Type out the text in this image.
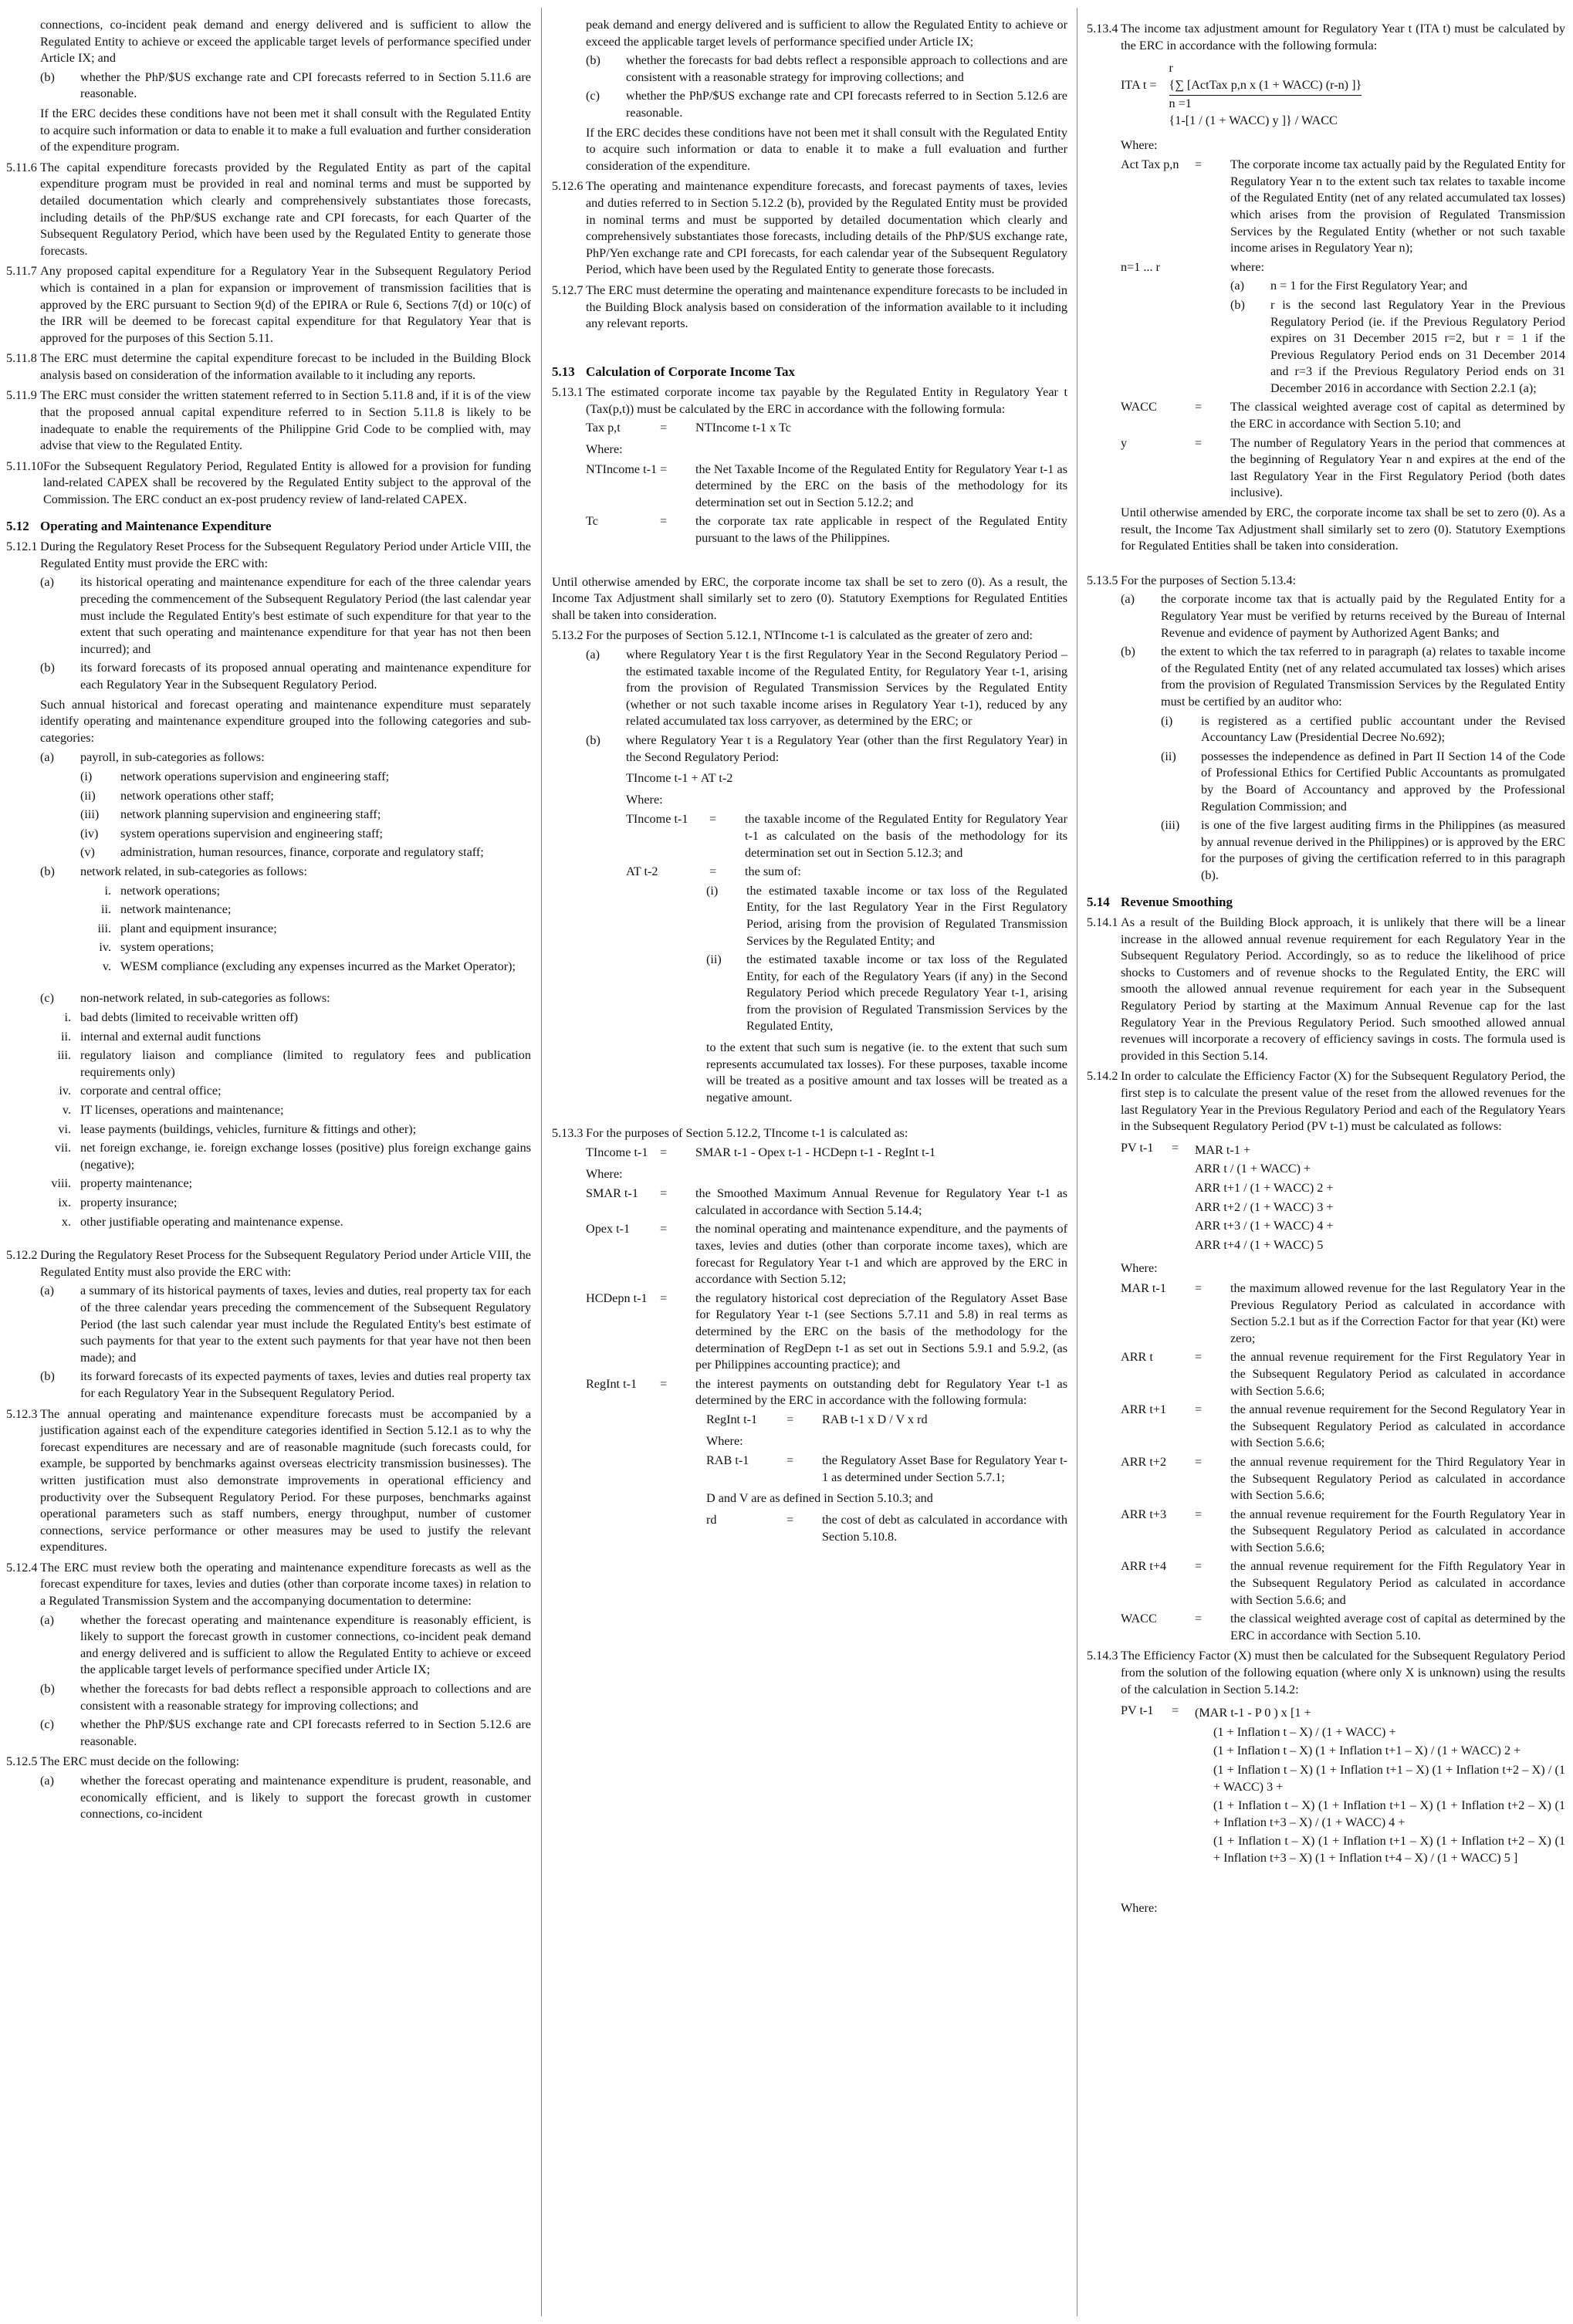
connections, co-incident peak demand and energy delivered and is sufficient to allow the Regulated Entity to achieve or exceed the applicable target levels of performance specified under Article IX; and
(b)	whether the PhP/$US exchange rate and CPI forecasts referred to in Section 5.11.6 are reasonable.
If the ERC decides these conditions have not been met it shall consult with the Regulated Entity to acquire such information or data to enable it to make a full evaluation and further consideration of the expenditure program.
5.11.6 The capital expenditure forecasts provided by the Regulated Entity as part of the capital expenditure program must be provided in real and nominal terms and must be supported by detailed documentation which clearly and comprehensively substantiates those forecasts, including details of the PhP/$US exchange rate and CPI forecasts, for each Quarter of the Subsequent Regulatory Period, which have been used by the Regulated Entity to generate those forecasts.
5.11.7 Any proposed capital expenditure for a Regulatory Year in the Subsequent Regulatory Period which is contained in a plan for expansion or improvement of transmission facilities that is approved by the ERC pursuant to Section 9(d) of the EPIRA or Rule 6, Sections 7(d) or 10(c) of the IRR will be deemed to be forecast capital expenditure for that Regulatory Year that is approved for the purposes of this Section 5.11.
5.11.8 The ERC must determine the capital expenditure forecast to be included in the Building Block analysis based on consideration of the information available to it including any reports.
5.11.9 The ERC must consider the written statement referred to in Section 5.11.8 and, if it is of the view that the proposed annual capital expenditure referred to in Section 5.11.8 is likely to be inadequate to enable the requirements of the Philippine Grid Code to be complied with, may advise that view to the Regulated Entity.
5.11.10 For the Subsequent Regulatory Period, Regulated Entity is allowed for a provision for funding land-related CAPEX shall be recovered by the Regulated Entity subject to the approval of the Commission. The ERC conduct an ex-post prudency review of land-related CAPEX.
5.12 Operating and Maintenance Expenditure
5.12.1 During the Regulatory Reset Process for the Subsequent Regulatory Period under Article VIII, the Regulated Entity must provide the ERC with:
(a)	its historical operating and maintenance expenditure for each of the three calendar years preceding the commencement of the Subsequent Regulatory Period (the last calendar year must include the Regulated Entity's best estimate of such expenditure for that year to the extent that such operating and maintenance expenditure for that year has not then been incurred); and
(b)	its forward forecasts of its proposed annual operating and maintenance expenditure for each Regulatory Year in the Subsequent Regulatory Period.
Such annual historical and forecast operating and maintenance expenditure must separately identify operating and maintenance expenditure grouped into the following categories and sub-categories:
(a)	payroll, in sub-categories as follows:
(i)	network operations supervision and engineering staff;
(ii)	network operations other staff;
(iii)	network planning supervision and engineering staff;
(iv)	system operations supervision and engineering staff;
(v)	administration, human resources, finance, corporate and regulatory staff;
(b)	network related, in sub-categories as follows:
i. network operations;
ii. network maintenance;
iii. plant and equipment insurance;
iv. system operations;
v. WESM compliance (excluding any expenses incurred as the Market Operator);
(c)	non-network related, in sub-categories as follows:
i. bad debts (limited to receivable written off)
ii. internal and external audit functions
iii. regulatory liaison and compliance (limited to regulatory fees and publication requirements only)
iv. corporate and central office;
v. IT licenses, operations and maintenance;
vi. lease payments (buildings, vehicles, furniture & fittings and other);
vii. net foreign exchange, ie. foreign exchange losses (positive) plus foreign exchange gains (negative);
viii. property maintenance;
ix. property insurance;
x. other justifiable operating and maintenance expense.
5.12.2 During the Regulatory Reset Process for the Subsequent Regulatory Period under Article VIII, the Regulated Entity must also provide the ERC with:
(a)	a summary of its historical payments of taxes, levies and duties, real property tax for each of the three calendar years preceding the commencement of the Subsequent Regulatory Period (the last such calendar year must include the Regulated Entity's best estimate of such payments for that year to the extent such payments for that year have not then been made); and
(b)	its forward forecasts of its expected payments of taxes, levies and duties real property tax for each Regulatory Year in the Subsequent Regulatory Period.
5.12.3 The annual operating and maintenance expenditure forecasts must be accompanied by a justification against each of the expenditure categories identified in Section 5.12.1 as to why the forecast expenditures are necessary and are of reasonable magnitude (such forecasts could, for example, be supported by benchmarks against overseas electricity transmission businesses). The written justification must also demonstrate improvements in operational efficiency and productivity over the Subsequent Regulatory Period. For these purposes, benchmarks against operational parameters such as staff numbers, energy throughput, number of customer connections, service performance or other measures may be used to justify the relevant expenditures.
5.12.4 The ERC must review both the operating and maintenance expenditure forecasts as well as the forecast expenditure for taxes, levies and duties (other than corporate income taxes) in relation to a Regulated Transmission System and the accompanying documentation to determine:
(a)	whether the forecast operating and maintenance expenditure is reasonably efficient, is likely to support the forecast growth in customer connections, co-incident peak demand and energy delivered and is sufficient to allow the Regulated Entity to achieve or exceed the applicable target levels of performance specified under Article IX;
(b)	whether the forecasts for bad debts reflect a responsible approach to collections and are consistent with a reasonable strategy for improving collections; and
(c)	whether the PhP/$US exchange rate and CPI forecasts referred to in Section 5.12.6 are reasonable.
5.12.5 The ERC must decide on the following:
(a)	whether the forecast operating and maintenance expenditure is prudent, reasonable, and economically efficient, and is likely to support the forecast growth in customer connections, co-incident
peak demand and energy delivered and is sufficient to allow the Regulated Entity to achieve or exceed the applicable target levels of performance specified under Article IX;
(b)	whether the forecasts for bad debts reflect a responsible approach to collections and are consistent with a reasonable strategy for improving collections; and
(c)	whether the PhP/$US exchange rate and CPI forecasts referred to in Section 5.12.6 are reasonable.
If the ERC decides these conditions have not been met it shall consult with the Regulated Entity to acquire such information or data to enable it to make a full evaluation and further consideration of the expenditure.
5.12.6 The operating and maintenance expenditure forecasts, and forecast payments of taxes, levies and duties referred to in Section 5.12.2 (b), provided by the Regulated Entity must be provided in nominal terms and must be supported by detailed documentation which clearly and comprehensively substantiates those forecasts, including details of the PhP/$US exchange rate, PhP/Yen exchange rate and CPI forecasts, for each calendar year of the Subsequent Regulatory Period, which have been used by the Regulated Entity to generate those forecasts.
5.12.7 The ERC must determine the operating and maintenance expenditure forecasts to be included in the Building Block analysis based on consideration of the information available to it including any relevant reports.
5.13 Calculation of Corporate Income Tax
5.13.1 The estimated corporate income tax payable by the Regulated Entity in Regulatory Year t (Tax(p,t)) must be calculated by the ERC in accordance with the following formula:
Tax p,t	=	NTIncome t-1 x Tc
Where:
NTIncome t-1 =	the Net Taxable Income of the Regulated Entity for Regulatory Year t-1 as determined by the ERC on the basis of the methodology for its determination set out in Section 5.12.2; and
Tc	=	the corporate tax rate applicable in respect of the Regulated Entity pursuant to the laws of the Philippines.
Until otherwise amended by ERC, the corporate income tax shall be set to zero (0). As a result, the Income Tax Adjustment shall similarly set to zero (0). Statutory Exemptions for Regulated Entities shall be taken into consideration.
5.13.2 For the purposes of Section 5.12.1, NTIncome t-1 is calculated as the greater of zero and:
(a)	where Regulatory Year t is the first Regulatory Year in the Second Regulatory Period – the estimated taxable income of the Regulated Entity, for Regulatory Year t-1, arising from the provision of Regulated Transmission Services by the Regulated Entity (whether or not such taxable income arises in Regulatory Year t-1), reduced by any related accumulated tax loss carryover, as determined by the ERC; or
(b)	where Regulatory Year t is a Regulatory Year (other than the first Regulatory Year) in the Second Regulatory Period:
TIncome t-1 + AT t-2
Where:
TIncome t-1	=	the taxable income of the Regulated Entity for Regulatory Year t-1 as calculated on the basis of the methodology for its determination set out in Section 5.12.3; and
AT t-2	=	the sum of:
(i)	the estimated taxable income or tax loss of the Regulated Entity, for the last Regulatory Year in the First Regulatory Period, arising from the provision of Regulated Transmission Services by the Regulated Entity; and
(ii)	the estimated taxable income or tax loss of the Regulated Entity, for each of the Regulatory Years (if any) in the Second Regulatory Period which precede Regulatory Year t-1, arising from the provision of Regulated Transmission Services by the Regulated Entity,
to the extent that such sum is negative (ie. to the extent that such sum represents accumulated tax losses). For these purposes, taxable income will be treated as a positive amount and tax losses will be treated as a negative amount.
5.13.3 For the purposes of Section 5.12.2, TIncome t-1 is calculated as:
TIncome t-1 =	SMAR t-1 - Opex t-1 - HCDepn t-1 - RegInt t-1
Where:
SMAR t-1	=	the Smoothed Maximum Annual Revenue for Regulatory Year t-1 as calculated in accordance with Section 5.14.4;
Opex t-1	=	the nominal operating and maintenance expenditure, and the payments of taxes, levies and duties (other than corporate income taxes), which are forecast for Regulatory Year t-1 and which are approved by the ERC in accordance with Section 5.12;
HCDepn t-1	=	the regulatory historical cost depreciation of the Regulatory Asset Base for Regulatory Year t-1 (see Sections 5.7.11 and 5.8) in real terms as determined by the ERC on the basis of the methodology for the determination of RegDepn t-1 as set out in Sections 5.9.1 and 5.9.2, (as per Philippines accounting practice); and
RegInt t-1	=	the interest payments on outstanding debt for Regulatory Year t-1 as determined by the ERC in accordance with the following formula:
RegInt t-1	=	RAB t-1 x D / V x rd
Where:
RAB t-1	=	the Regulatory Asset Base for Regulatory Year t-1 as determined under Section 5.7.1;
D and V are as defined in Section 5.10.3; and
rd	=	the cost of debt as calculated in accordance with Section 5.10.8.
5.13.4 The income tax adjustment amount for Regulatory Year t (ITA t) must be calculated by the ERC in accordance with the following formula:
ITA t =
r
{∑ [ActTax p,n x (1 + WACC) (r-n) ]}
n =1
{1-[1 / (1 + WACC) y ]} / WACC
Where:
Act Tax p,n	=	The corporate income tax actually paid by the Regulated Entity for Regulatory Year n to the extent such tax relates to taxable income of the Regulated Entity (net of any related accumulated tax losses) which arises from the provision of Regulated Transmission Services by the Regulated Entity (whether or not such taxable income arises in Regulatory Year n);
n=1 ... r	where:
(a)	n = 1 for the First Regulatory Year; and
(b)	r is the second last Regulatory Year in the Previous Regulatory Period (ie. if the Previous Regulatory Period expires on 31 December 2015 r=2, but r = 1 if the Previous Regulatory Period ends on 31 December 2014 and r=3 if the Previous Regulatory Period ends on 31 December 2016 in accordance with Section 2.2.1 (a);
WACC	=	The classical weighted average cost of capital as determined by the ERC in accordance with Section 5.10; and
y	=	The number of Regulatory Years in the period that commences at the beginning of Regulatory Year n and expires at the end of the last Regulatory Year in the First Regulatory Period (both dates inclusive).
Until otherwise amended by ERC, the corporate income tax shall be set to zero (0). As a result, the Income Tax Adjustment shall similarly set to zero (0). Statutory Exemptions for Regulated Entities shall be taken into consideration.
5.13.5 For the purposes of Section 5.13.4:
(a)	the corporate income tax that is actually paid by the Regulated Entity for a Regulatory Year must be verified by returns received by the Bureau of Internal Revenue and evidence of payment by Authorized Agent Banks; and
(b)	the extent to which the tax referred to in paragraph (a) relates to taxable income of the Regulated Entity (net of any related accumulated tax losses) which arises from the provision of Regulated Transmission Services by the Regulated Entity must be certified by an auditor who:
(i)	is registered as a certified public accountant under the Revised Accountancy Law (Presidential Decree No.692);
(ii)	possesses the independence as defined in Part II Section 14 of the Code of Professional Ethics for Certified Public Accountants as promulgated by the Board of Accountancy and approved by the Professional Regulation Commission; and
(iii)	is one of the five largest auditing firms in the Philippines (as measured by annual revenue derived in the Philippines) or is approved by the ERC for the purposes of giving the certification referred to in this paragraph (b).
5.14 Revenue Smoothing
5.14.1 As a result of the Building Block approach, it is unlikely that there will be a linear increase in the allowed annual revenue requirement for each Regulatory Year in the Subsequent Regulatory Period. Accordingly, so as to reduce the likelihood of price shocks to Customers and of revenue shocks to the Regulated Entity, the ERC will smooth the allowed annual revenue requirement for each year in the Subsequent Regulatory Period by starting at the Maximum Annual Revenue cap for the last Regulatory Year in the Previous Regulatory Period. Such smoothed allowed annual revenues will incorporate a recovery of efficiency savings in costs. The formula used is provided in this Section 5.14.
5.14.2 In order to calculate the Efficiency Factor (X) for the Subsequent Regulatory Period, the first step is to calculate the present value of the reset from the allowed revenues for the last Regulatory Year in the Previous Regulatory Period and each of the Regulatory Years in the Subsequent Regulatory Period (PV t-1) must be calculated as follows:
PV t-1	=	MAR t-1 +
ARR t / (1 + WACC) +
ARR t+1 / (1 + WACC) 2 +
ARR t+2 / (1 + WACC) 3 +
ARR t+3 / (1 + WACC) 4 +
ARR t+4 / (1 + WACC) 5
Where:
MAR t-1	=	the maximum allowed revenue for the last Regulatory Year in the Previous Regulatory Period as calculated in accordance with Section 5.2.1 but as if the Correction Factor for that year (Kt) were zero;
ARR t	=	the annual revenue requirement for the First Regulatory Year in the Subsequent Regulatory Period as calculated in accordance with Section 5.6.6;
ARR t+1	=	the annual revenue requirement for the Second Regulatory Year in the Subsequent Regulatory Period as calculated in accordance with Section 5.6.6;
ARR t+2	=	the annual revenue requirement for the Third Regulatory Year in the Subsequent Regulatory Period as calculated in accordance with Section 5.6.6;
ARR t+3	=	the annual revenue requirement for the Fourth Regulatory Year in the Subsequent Regulatory Period as calculated in accordance with Section 5.6.6;
ARR t+4	=	the annual revenue requirement for the Fifth Regulatory Year in the Subsequent Regulatory Period as calculated in accordance with Section 5.6.6; and
WACC	=	the classical weighted average cost of capital as determined by the ERC in accordance with Section 5.10.
5.14.3 The Efficiency Factor (X) must then be calculated for the Subsequent Regulatory Period from the solution of the following equation (where only X is unknown) using the results of the calculation in Section 5.14.2:
PV t-1	=	(MAR t-1 - P 0 ) x [1 +
(1 + Inflation t – X) / (1 + WACC) +
(1 + Inflation t – X) (1 + Inflation t+1 – X) / (1 + WACC) 2 +
(1 + Inflation t – X) (1 + Inflation t+1 – X) (1 + Inflation t+2 – X) / (1 + WACC) 3 +
(1 + Inflation t – X) (1 + Inflation t+1 – X) (1 + Inflation t+2 – X) (1 + Inflation t+3 – X) / (1 + WACC) 4 +
(1 + Inflation t – X) (1 + Inflation t+1 – X) (1 + Inflation t+2 – X) (1 + Inflation t+3 – X) (1 + Inflation t+4 – X) / (1 + WACC) 5 ]
Where:
